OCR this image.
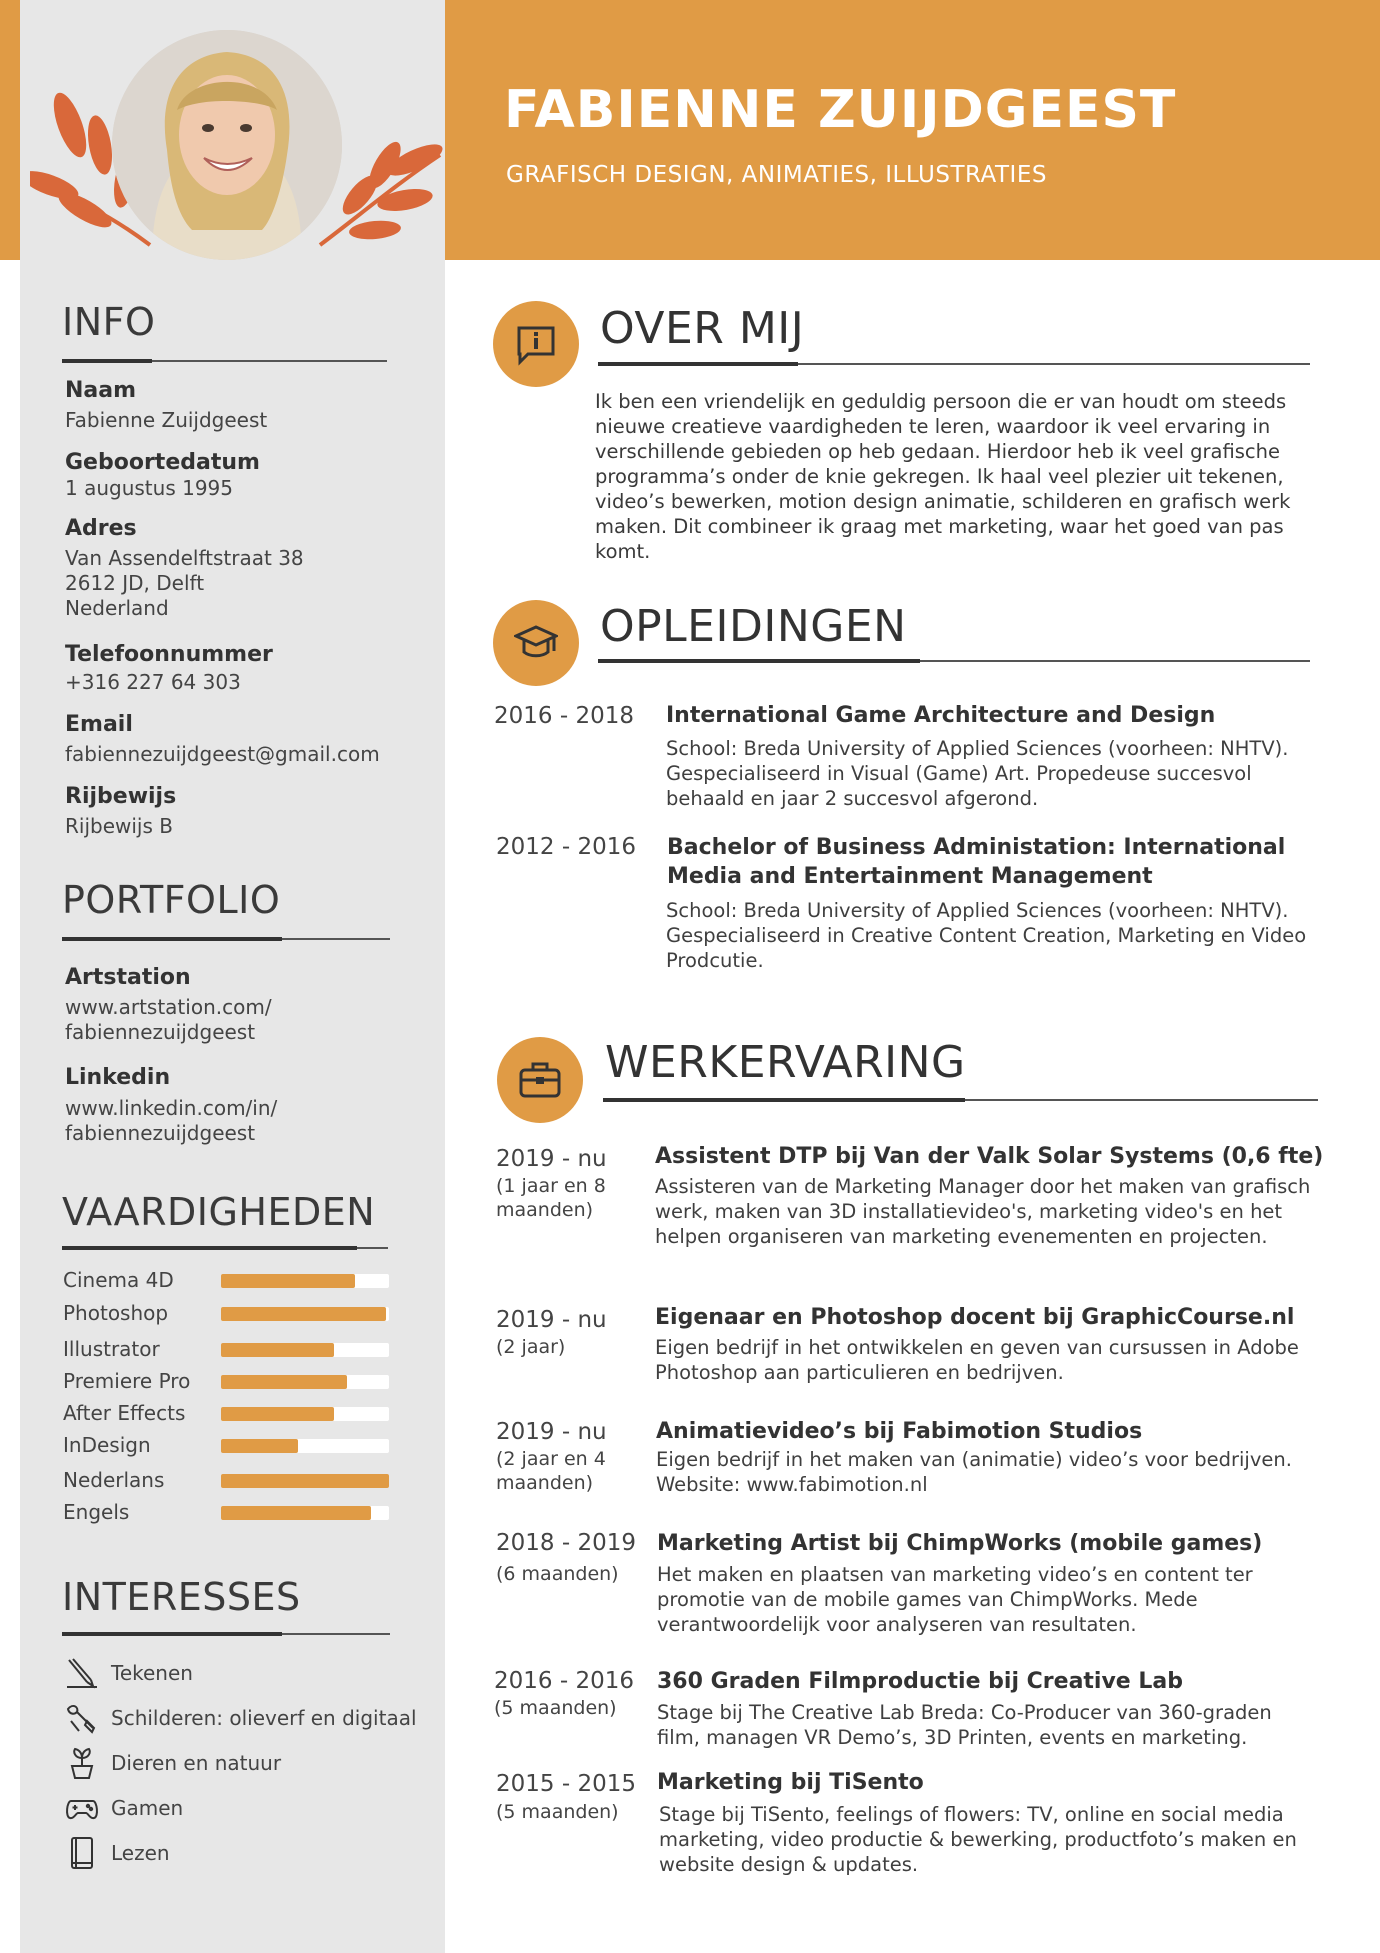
FABIENNE ZUIJDGEEST
GRAFISCH DESIGN, ANIMATIES, ILLUSTRATIES
INFO
Naam
Fabienne Zuijdgeest
Geboortedatum
1 augustus 1995
Adres
Van Assendelftstraat 38
2612 JD, Delft
Nederland
Telefoonnummer
+316 227 64 303
Email
fabiennezuijdgeest@gmail.com
Rijbewijs
Rijbewijs B
PORTFOLIO
Artstation
www.artstation.com/
fabiennezuijdgeest
Linkedin
www.linkedin.com/in/
fabiennezuijdgeest
VAARDIGHEDEN
Cinema 4D
Photoshop
Illustrator
Premiere Pro
After Effects
InDesign
Nederlans
Engels
INTERESSES
Tekenen
Schilderen: olieverf en digitaal
Dieren en natuur
Gamen
Lezen
OVER MIJ
Ik ben een vriendelijk en geduldig persoon die er van houdt om steeds nieuwe creatieve vaardigheden te leren, waardoor ik veel ervaring in verschillende gebieden op heb gedaan. Hierdoor heb ik veel grafische programma’s onder de knie gekregen. Ik haal veel plezier uit tekenen, video’s bewerken, motion design animatie, schilderen en grafisch werk maken. Dit combineer ik graag met marketing, waar het goed van pas komt.
OPLEIDINGEN
2016 - 2018 International Game Architecture and Design
School: Breda University of Applied Sciences (voorheen: NHTV). Gespecialiseerd in Visual (Game) Art. Propedeuse succesvol behaald en jaar 2 succesvol afgerond.
2012 - 2016 Bachelor of Business Administation: International Media and Entertainment Management
School: Breda University of Applied Sciences (voorheen: NHTV). Gespecialiseerd in Creative Content Creation, Marketing en Video Prodcutie.
WERKERVARING
2019 - nu
(1 jaar en 8 maanden)
Assistent DTP bij Van der Valk Solar Systems (0,6 fte)
Assisteren van de Marketing Manager door het maken van grafisch werk, maken van 3D installatievideo's, marketing video's en het helpen organiseren van marketing evenementen en projecten.
2019 - nu
(2 jaar)
Eigenaar en Photoshop docent bij GraphicCourse.nl
Eigen bedrijf in het ontwikkelen en geven van cursussen in Adobe Photoshop aan particulieren en bedrijven.
2019 - nu
(2 jaar en 4 maanden)
Animatievideo’s bij Fabimotion Studios
Eigen bedrijf in het maken van (animatie) video’s voor bedrijven. Website: www.fabimotion.nl
2018 - 2019
(6 maanden)
Marketing Artist bij ChimpWorks (mobile games)
Het maken en plaatsen van marketing video’s en content ter promotie van de mobile games van ChimpWorks. Mede verantwoordelijk voor analyseren van resultaten.
2016 - 2016
(5 maanden)
360 Graden Filmproductie bij Creative Lab
Stage bij The Creative Lab Breda: Co-Producer van 360-graden film, managen VR Demo’s, 3D Printen, events en marketing.
2015 - 2015
(5 maanden)
Marketing bij TiSento
Stage bij TiSento, feelings of flowers: TV, online en social media marketing, video productie & bewerking, productfoto’s maken en website design & updates.
